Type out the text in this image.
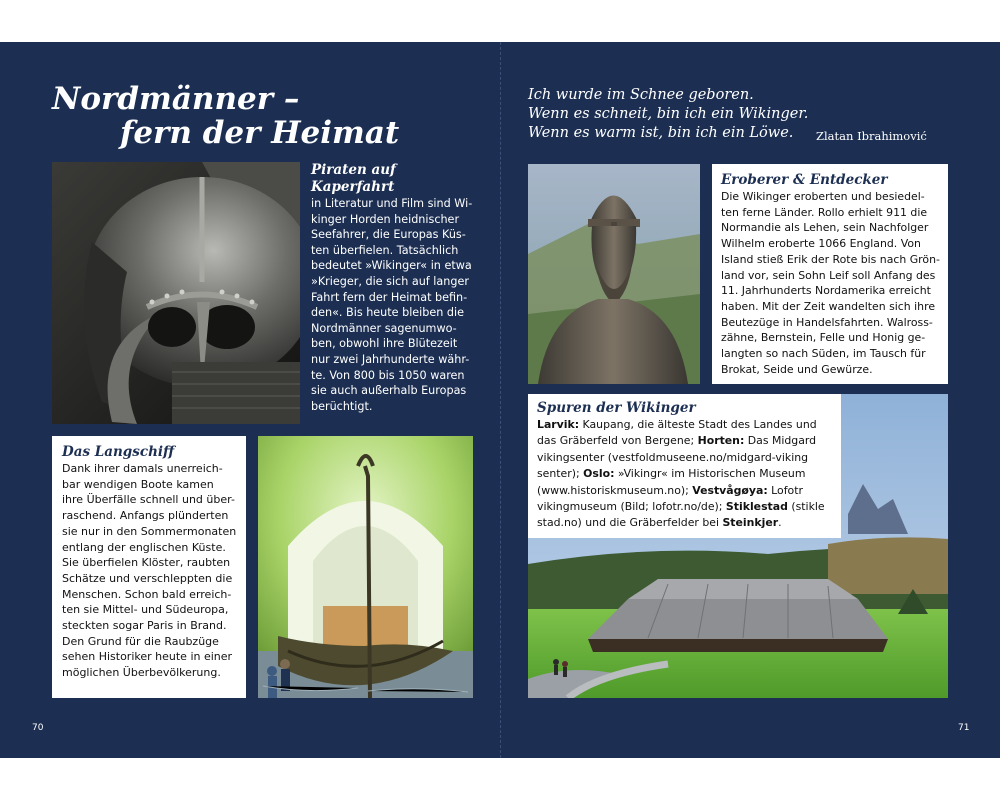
Nordmänner –
fern der Heimat
Piraten auf
Kaperfahrt
in Literatur und Film sind Wi-
kinger Horden heidnischer
Seefahrer, die Europas Küs-
ten überfielen. Tatsächlich
bedeutet »Wikinger« in etwa
»Krieger, die sich auf langer
Fahrt fern der Heimat befin-
den«. Bis heute bleiben die
Nordmänner sagenumwo-
ben, obwohl ihre Blütezeit
nur zwei Jahrhunderte währ-
te. Von 800 bis 1050 waren
sie auch außerhalb Europas
berüchtigt.
Das Langschiff
Dank ihrer damals unerreich-
bar wendigen Boote kamen
ihre Überfälle schnell und über-
raschend. Anfangs plünderten
sie nur in den Sommermonaten
entlang der englischen Küste.
Sie überfielen Klöster, raubten
Schätze und verschleppten die
Menschen. Schon bald erreich-
ten sie Mittel- und Südeuropa,
steckten sogar Paris in Brand.
Den Grund für die Raubzüge
sehen Historiker heute in einer
möglichen Überbevölkerung.
70
Ich wurde im Schnee geboren.
Wenn es schneit, bin ich ein Wikinger.
Wenn es warm ist, bin ich ein Löwe.	Zlatan Ibrahimović
Eroberer & Entdecker
Die Wikinger eroberten und besiedel-
ten ferne Länder. Rollo erhielt 911 die
Normandie als Lehen, sein Nachfolger
Wilhelm eroberte 1066 England. Von
Island stieß Erik der Rote bis nach Grön-
land vor, sein Sohn Leif soll Anfang des
11. Jahrhunderts Nordamerika erreicht
haben. Mit der Zeit wandelten sich ihre
Beutezüge in Handelsfahrten. Walross-
zähne, Bernstein, Felle und Honig ge-
langten so nach Süden, im Tausch für
Brokat, Seide und Gewürze.
Spuren der Wikinger
Larvik: Kaupang, die älteste Stadt des Landes und
das Gräberfeld von Bergene; Horten: Das Midgard
vikingsenter (vestfoldmuseene.no/midgard-viking
senter); Oslo: »Vikingr« im Historischen Museum
(www.historiskmuseum.no); Vestvågøya: Lofotr
vikingmuseum (Bild; lofotr.no/de); Stiklestad (stikle
stad.no) und die Gräberfelder bei Steinkjer.
71
